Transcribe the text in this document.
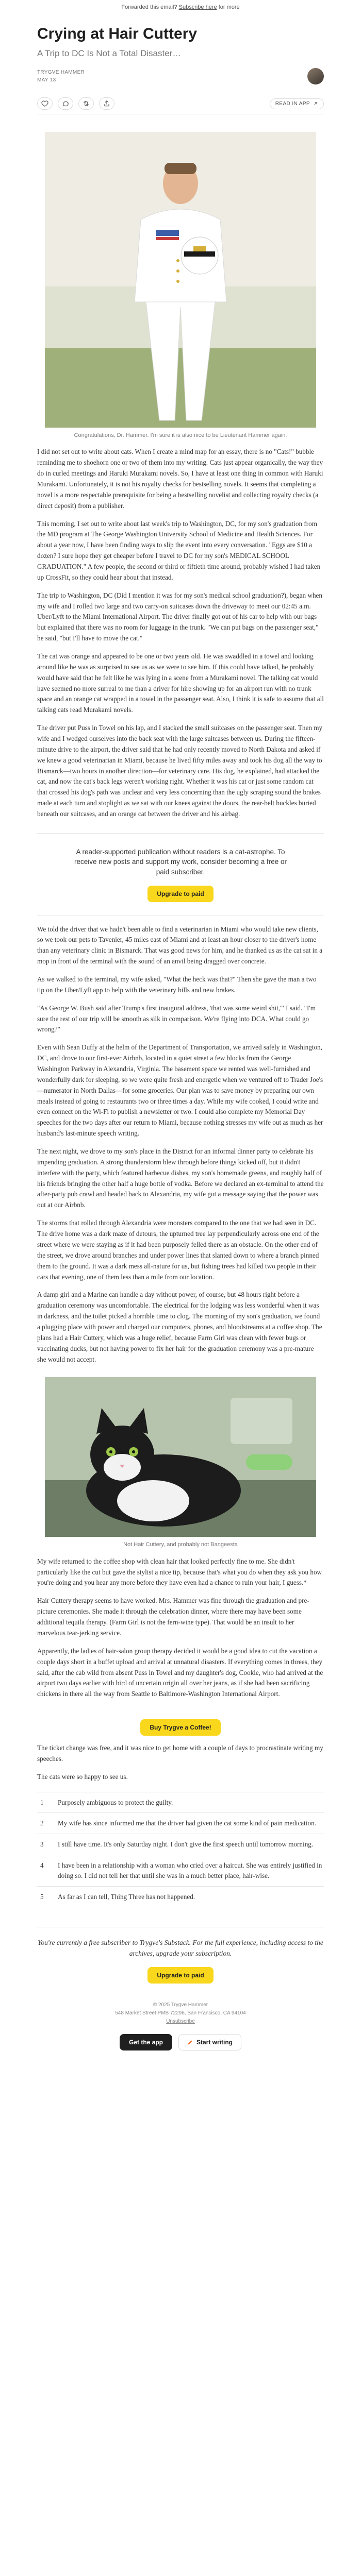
Forwarded this email? Subscribe here for more
Crying at Hair Cuttery
A Trip to DC Is Not a Total Disaster…
TRYGVE HAMMER
MAY 13
READ IN APP
Congratulations, Dr. Hammer. I'm sure it is also nice to be Lieutenant Hammer again.

I did not set out to write about cats. When I create a mind map for an essay, there is no "Cats!" bubble reminding me to shoehorn one or two of them into my writing. Cats just appear organically, the way they do in curled meetings and Haruki Murakami novels. So, I have at least one thing in common with Haruki Murakami. Unfortunately, it is not his royalty checks for bestselling novels. It seems that completing a novel is a more respectable prerequisite for being a bestselling novelist and collecting royalty checks (a direct deposit) from a publisher.

This morning, I set out to write about last week's trip to Washington, DC, for my son's graduation from the MD program at The George Washington University School of Medicine and Health Sciences. For about a year now, I have been finding ways to slip the event into every conversation. "Eggs are $10 a dozen? I sure hope they get cheaper before I travel to DC for my son's MEDICAL SCHOOL GRADUATION." A few people, the second or third or fiftieth time around, probably wished I had taken up CrossFit, so they could hear about that instead.

The trip to Washington, DC (Did I mention it was for my son's medical school graduation?), began when my wife and I rolled two large and two carry-on suitcases down the driveway to meet our 02:45 a.m. Uber/Lyft to the Miami International Airport. The driver finally got out of his car to help with our bags but explained that there was no room for luggage in the trunk. "We can put bags on the passenger seat," he said, "but I'll have to move the cat."

The cat was orange and appeared to be one or two years old. He was swaddled in a towel and looking around like he was as surprised to see us as we were to see him. If this could have talked, he probably would have said that he felt like he was lying in a scene from a Murakami novel. The talking cat would have seemed no more surreal to me than a driver for hire showing up for an airport run with no trunk space and an orange cat wrapped in a towel in the passenger seat. Also, I think it is safe to assume that all talking cats read Murakami novels.

The driver put Puss in Towel on his lap, and I stacked the small suitcases on the passenger seat. Then my wife and I wedged ourselves into the back seat with the large suitcases between us. During the fifteen-minute drive to the airport, the driver said that he had only recently moved to North Dakota and asked if we knew a good veterinarian in Miami, because he lived fifty miles away and took his dog all the way to Bismarck—two hours in another direction—for veterinary care. His dog, he explained, had attacked the cat, and now the cat's back legs weren't working right. Whether it was his cat or just some random cat that crossed his dog's path was unclear and very less concerning than the ugly scraping sound the brakes made at each turn and stoplight as we sat with our knees against the doors, the rear-belt buckles buried beneath our suitcases, and an orange cat between the driver and his airbag.

A reader-supported publication without readers is a cat-astrophe. To receive new posts and support my work, consider becoming a free or paid subscriber.

Upgrade to paid

We told the driver that we hadn't been able to find a veterinarian in Miami who would take new clients, so we took our pets to Tavenier, 45 miles east of Miami and at least an hour closer to the driver's home than any veterinary clinic in Bismarck. That was good news for him, and he thanked us as the cat sat in a mop in front of the terminal with the sound of an anvil being dragged over concrete.

As we walked to the terminal, my wife asked, "What the heck was that?" Then she gave the man a two tip on the Uber/Lyft app to help with the veterinary bills and new brakes.

"As George W. Bush said after Trump's first inaugural address, 'that was some weird shit,'" I said. "I'm sure the rest of our trip will be smooth as silk in comparison. We're flying into DCA. What could go wrong?"

Even with Sean Duffy at the helm of the Department of Transportation, we arrived safely in Washington, DC, and drove to our first-ever Airbnb, located in a quiet street a few blocks from the George Washington Parkway in Alexandria, Virginia. The basement space we rented was well-furnished and wonderfully dark for sleeping, so we were quite fresh and energetic when we ventured off to Trader Joe's—numerator in North Dallas—for some groceries. Our plan was to save money by preparing our own meals instead of going to restaurants two or three times a day. While my wife cooked, I could write and even connect on the Wi-Fi to publish a newsletter or two. I could also complete my Memorial Day speeches for the two days after our return to Miami, because nothing stresses my wife out as much as her husband's last-minute speech writing.

The next night, we drove to my son's place in the District for an informal dinner party to celebrate his impending graduation. A strong thunderstorm blew through before things kicked off, but it didn't interfere with the party, which featured barbecue dishes, my son's homemade greens, and roughly half of his friends bringing the other half a huge bottle of vodka. Before we declared an ex-terminal to attend the after-party pub crawl and headed back to Alexandria, my wife got a message saying that the power was out at our Airbnb.

The storms that rolled through Alexandria were monsters compared to the one that we had seen in DC. The drive home was a dark maze of detours, the upturned tree lay perpendicularly across one end of the street where we were staying as if it had been purposely felled there as an obstacle. On the other end of the street, we drove around branches and under power lines that slanted down to where a branch pinned them to the ground. It was a dark mess all-nature for us, but fishing trees had killed two people in their cars that evening, one of them less than a mile from our location.

A damp girl and a Marine can handle a day without power, of course, but 48 hours right before a graduation ceremony was uncomfortable. The electrical for the lodging was less wonderful when it was in darkness, and the toilet picked a horrible time to clog. The morning of my son's graduation, we found a plugging place with power and charged our computers, phones, and bloodstreams at a coffee shop. The plans had a Hair Cuttery, which was a huge relief, because Farm Girl was clean with fewer bugs or vaccinating ducks, but not having power to fix her hair for the graduation ceremony was a pre-mature she would not accept.

Not Hair Cuttery, and probably not Bangeesta

My wife returned to the coffee shop with clean hair that looked perfectly fine to me. She didn't particularly like the cut but gave the stylist a nice tip, because that's what you do when they ask you how you're doing and you hear any more before they have even had a chance to ruin your hair, I guess.*

Hair Cuttery therapy seems to have worked. Mrs. Hammer was fine through the graduation and pre-picture ceremonies. She made it through the celebration dinner, where there may have been some additional tequila therapy. (Farm Girl is not the fern-wine type). That would be an insult to her marvelous tear-jerking service.

Apparently, the ladies of hair-salon group therapy decided it would be a good idea to cut the vacation a couple days short in a buffet upload and arrival at unnatural disasters. If everything comes in threes, they said, after the cab wild from absent Puss in Towel and my daughter's dog, Cookie, who had arrived at the airport two days earlier with bird of uncertain origin all over her jeans, as if she had been sacrificing chickens in there all the way from Seattle to Baltimore-Washington International Airport.

Buy Trygve a Coffee!

The ticket change was free, and it was nice to get home with a couple of days to procrastinate writing my speeches.

The cats were so happy to see us.

1	Purposely ambiguous to protect the guilty.
2	My wife has since informed me that the driver had given the cat some kind of pain medication.
3	I still have time. It's only Saturday night. I don't give the first speech until tomorrow morning.
4	I have been in a relationship with a woman who cried over a haircut. She was entirely justified in doing so. I did not tell her that until she was in a much better place, hair-wise.
5	As far as I can tell, Thing Three has not happened.

You're currently a free subscriber to Trygve's Substack. For the full experience, including access to the archives, upgrade your subscription.

Upgrade to paid
© 2025 Trygve Hammer
548 Market Street PMB 72296, San Francisco, CA 94104
Unsubscribe
Get the app	Start writing
